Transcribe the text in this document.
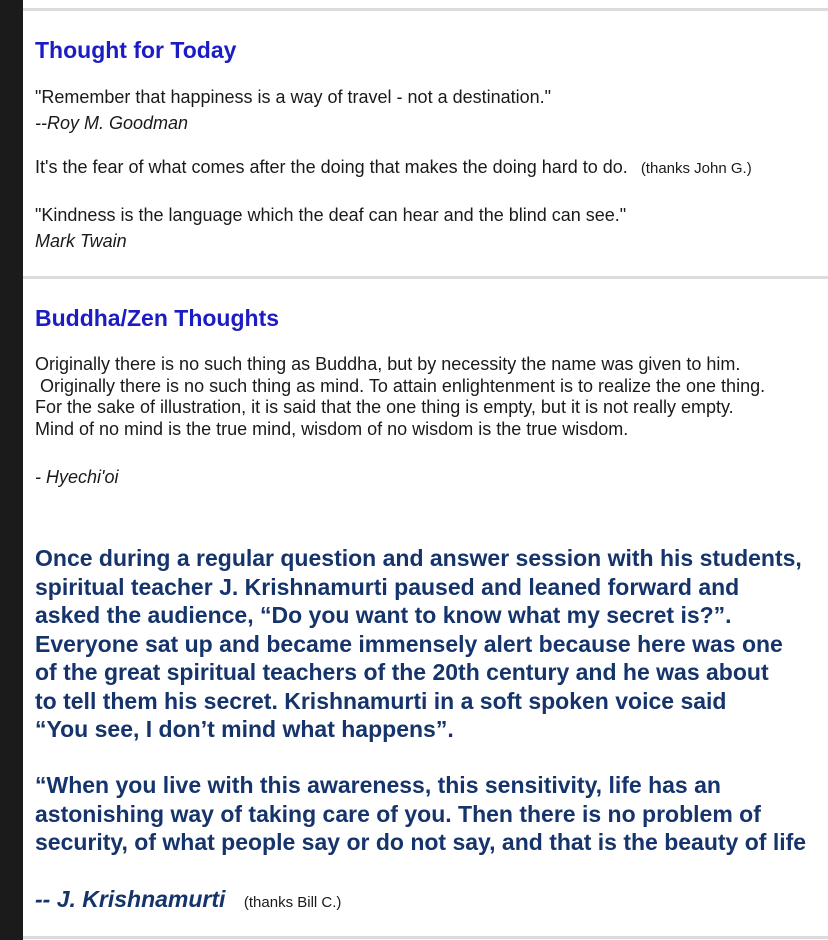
Thought for Today

"Remember that happiness is a way of travel - not a destination."

--Roy M. Goodman

It's the fear of what comes after the doing that makes the doing hard to do. (thanks John G.)

"Kindness is the language which the deaf can hear and the blind can see."

Mark Twain

Buddha/Zen Thoughts

Originally there is no such thing as Buddha, but by necessity the name was given to him.
Originally there is no such thing as mind. To attain enlightenment is to realize the one thing.
For the sake of illustration, it is said that the one thing is empty, but it is not really empty.
Mind of no mind is the true mind, wisdom of no wisdom is the true wisdom.

- Hyechi'oi

Once during a regular question and answer session with his students,
spiritual teacher J. Krishnamurti paused and leaned forward and
asked the audience, “Do you want to know what my secret is?”.
Everyone sat up and became immensely alert because here was one
of the great spiritual teachers of the 20th century and he was about
to tell them his secret. Krishnamurti in a soft spoken voice said
“You see, I don’t mind what happens”.

“When you live with this awareness, this sensitivity, life has an
astonishing way of taking care of you. Then there is no problem of
security, of what people say or do not say, and that is the beauty of life

-- J. Krishnamurti (thanks Bill C.)
